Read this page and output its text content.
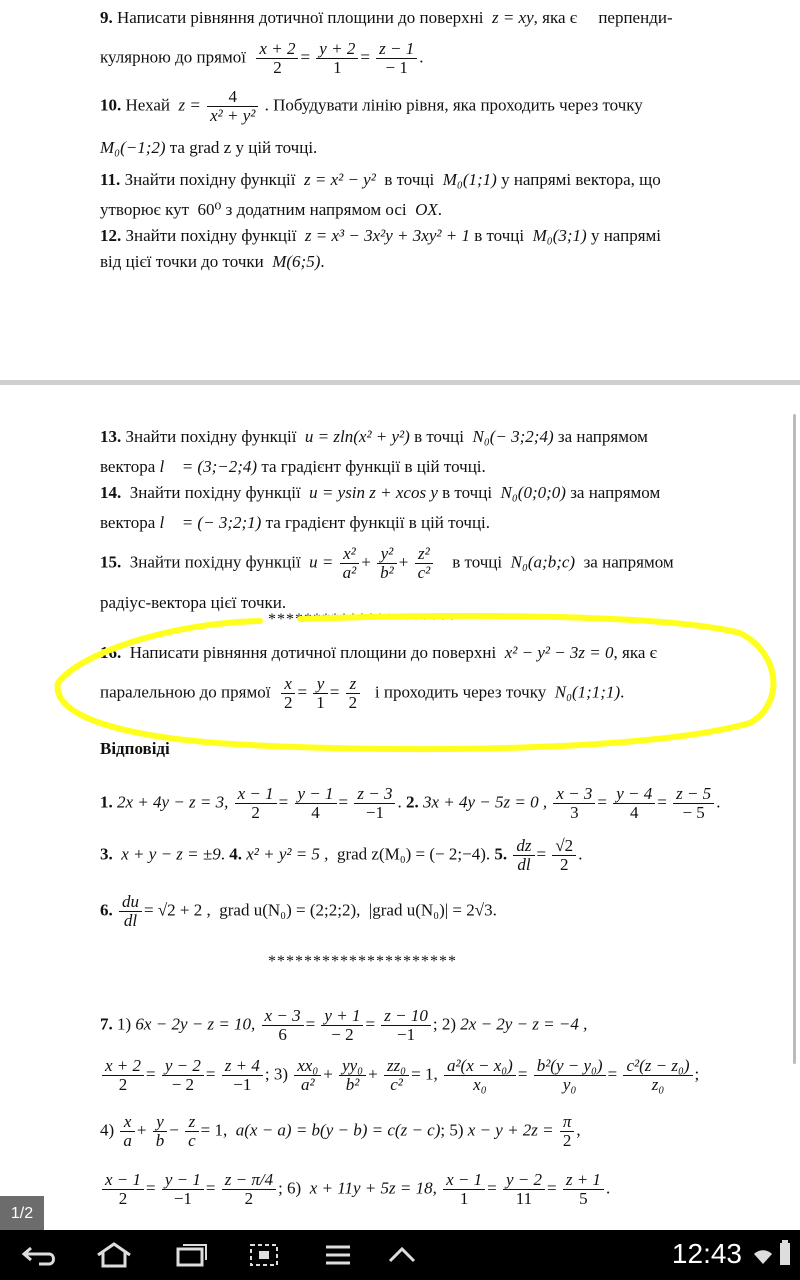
9. Написати рівняння дотичної площини до поверхні z = xy, яка є перпенди-
кулярною до прямої $\frac{x + 2}{2} = \frac{y + 2}{1} = \frac{z - 1}{- 1}$ .
10. Нехай $z = \frac{4}{\text{x² + y²}}$ . Побудувати лінію рівня, яка проходить через точку
M₀(−1;2) та grad z у цій точці.
11. Знайти похідну функції z = x² − y² в точці M₀(1;1) у напрямі вектора, що
утворює кут 60⁰ з додатним напрямом осі OX.
12. Знайти похідну функції z = x³ − 3x²y + 3xy² + 1 в точці M₀(3;1) у напрямі
від цієї точки до точки M(6;5).
13. Знайти похідну функції u = zln(x² + y²) в точці N₀(− 3;2;4) за напрямом
вектора l⃗ = (3;−2;4) та градієнт функції в цій точці.
14. Знайти похідну функції u = ysin z + xcos y в точці N₀(0;0;0) за напрямом
вектора l⃗ = (− 3;2;1) та градієнт функції в цій точці.
15. Знайти похідну функції $u = \frac{\text{x²}}{\text{a²}} + \frac{\text{y²}}{\text{b²}} + \frac{\text{z²}}{\text{c²}}$ в точці N₀(a;b;c) за напрямом
радіус-вектора цієї точки.
*********************
16. Написати рівняння дотичної площини до поверхні x² − y² − 3z = 0, яка є
паралельною до прямої $\frac{x}{2} = \frac{y}{1} = \frac{z}{2}$ і проходить через точку N₀(1;1;1).
Відповіді
1. 2x + 4y − z = 3, $\frac{x - 1}{2} = \frac{y - 1}{4} = \frac{z - 3}{-1}$ . 2. 3x + 4y − 5z = 0 , $\frac{x - 3}{3} = \frac{y - 4}{4} = \frac{z - 5}{- 5}$ .
3. x + y − z = ±9. 4. x² + y² = 5 , grad z(M₀) = (− 2;−4). 5. $\frac{dz}{dl} = \frac{√2}{2}$ .
6. $\frac{du}{dl} = √2 + 2$ , grad u(N₀) = (2;2;2), |grad u(N₀)| = 2√3.
*********************
7. 1) 6x − 2y − z = 10, $\frac{x - 3}{6} = \frac{y + 1}{- 2} = \frac{z - 10}{-1}$ ; 2) 2x − 2y − z = −4 ,
$\frac{x + 2}{2} = \frac{y - 2}{- 2} = \frac{z + 4}{-1}$ ; $3) \frac{\text{xx₀}}{\text{a²}} + \frac{\text{yy₀}}{\text{b²}} + \frac{\text{zz₀}}{\text{c²}} = 1$, $\frac{\text{a²(x − x₀)}}{\text{x₀}} = \frac{\text{b²(y − y₀)}}{\text{y₀}} = \frac{\text{c²(z − z₀)}}{\text{z₀}}$ ;
$4) \frac{x}{a} + \frac{y}{b} - \frac{z}{c} = 1$, a(x − a) = b(y − b) = c(z − c); 5) $x - y + 2z = \frac{\pi}{2}$ ,
$\frac{x - 1}{2} = \frac{y - 1}{-1} = \frac{z - \pi/4}{2}$ ; 6) x + 11y + 5z = 18, $\frac{x - 1}{1} = \frac{y - 2}{11} = \frac{z + 1}{5}$ .
1/2
12:43
